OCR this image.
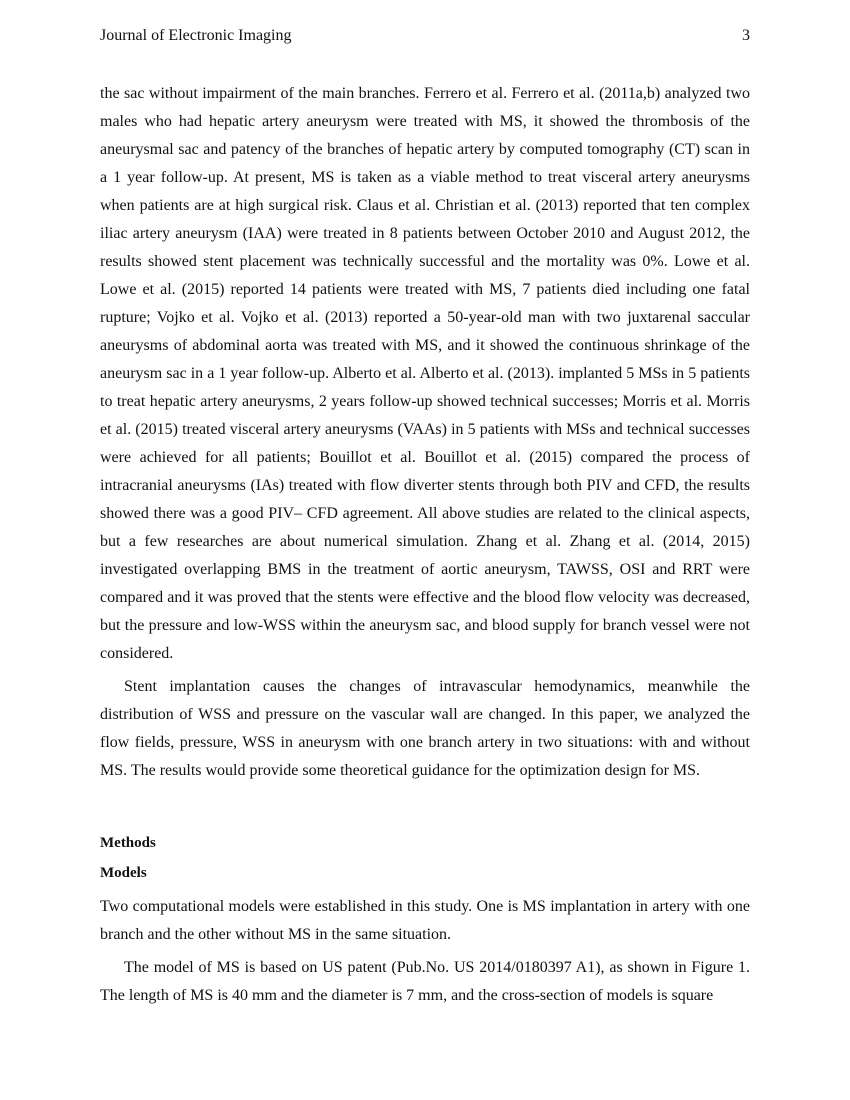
Journal of Electronic Imaging	3

the sac without impairment of the main branches. Ferrero et al. Ferrero et al. (2011a,b) analyzed two males who had hepatic artery aneurysm were treated with MS, it showed the thrombosis of the aneurysmal sac and patency of the branches of hepatic artery by computed tomography (CT) scan in a 1 year follow-up. At present, MS is taken as a viable method to treat visceral artery aneurysms when patients are at high surgical risk. Claus et al. Christian et al. (2013) reported that ten complex iliac artery aneurysm (IAA) were treated in 8 patients between October 2010 and August 2012, the results showed stent placement was technically successful and the mortality was 0%. Lowe et al. Lowe et al. (2015) reported 14 patients were treated with MS, 7 patients died including one fatal rupture; Vojko et al. Vojko et al. (2013) reported a 50-year-old man with two juxtarenal saccular aneurysms of abdominal aorta was treated with MS, and it showed the continuous shrinkage of the aneurysm sac in a 1 year follow-up. Alberto et al. Alberto et al. (2013). implanted 5 MSs in 5 patients to treat hepatic artery aneurysms, 2 years follow-up showed technical successes; Morris et al. Morris et al. (2015) treated visceral artery aneurysms (VAAs) in 5 patients with MSs and technical successes were achieved for all patients; Bouillot et al. Bouillot et al. (2015) compared the process of intracranial aneurysms (IAs) treated with flow diverter stents through both PIV and CFD, the results showed there was a good PIV– CFD agreement. All above studies are related to the clinical aspects, but a few researches are about numerical simulation. Zhang et al. Zhang et al. (2014, 2015) investigated overlapping BMS in the treatment of aortic aneurysm, TAWSS, OSI and RRT were compared and it was proved that the stents were effective and the blood flow velocity was decreased, but the pressure and low-WSS within the aneurysm sac, and blood supply for branch vessel were not considered.

Stent implantation causes the changes of intravascular hemodynamics, meanwhile the distribution of WSS and pressure on the vascular wall are changed. In this paper, we analyzed the flow fields, pressure, WSS in aneurysm with one branch artery in two situations: with and without MS. The results would provide some theoretical guidance for the optimization design for MS.

Methods
Models

Two computational models were established in this study. One is MS implantation in artery with one branch and the other without MS in the same situation.

The model of MS is based on US patent (Pub.No. US 2014/0180397 A1), as shown in Figure 1. The length of MS is 40 mm and the diameter is 7 mm, and the cross-section of models is square
